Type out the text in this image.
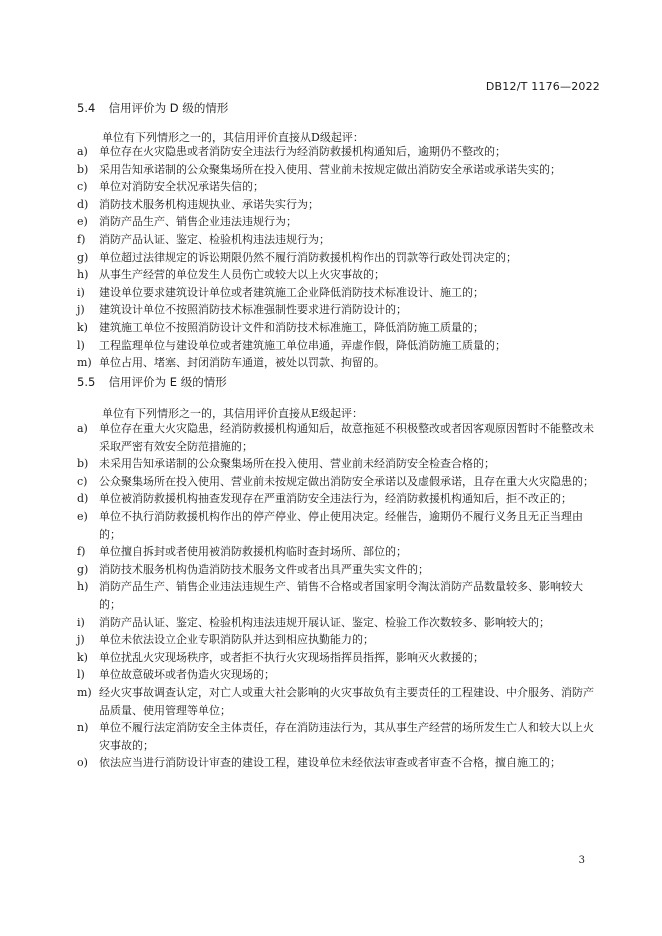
DB12/T 1176—2022
5.4 信用评价为 D 级的情形
单位有下列情形之一的，其信用评价直接从D级起评：
a)	单位存在火灾隐患或者消防安全违法行为经消防救援机构通知后，逾期仍不整改的；
b) 采用告知承诺制的公众聚集场所在投入使用、营业前未按规定做出消防安全承诺或承诺失实的；
c)	单位对消防安全状况承诺失信的；
d) 消防技术服务机构违规执业、承诺失实行为；
e)	消防产品生产、销售企业违法违规行为；
f)	消防产品认证、鉴定、检验机构违法违规行为；
g) 单位超过法律规定的诉讼期限仍然不履行消防救援机构作出的罚款等行政处罚决定的；
h) 从事生产经营的单位发生人员伤亡或较大以上火灾事故的；
i)	建设单位要求建筑设计单位或者建筑施工企业降低消防技术标准设计、施工的；
j)	建筑设计单位不按照消防技术标准强制性要求进行消防设计的；
k)	建筑施工单位不按照消防设计文件和消防技术标准施工，降低消防施工质量的；
l)	工程监理单位与建设单位或者建筑施工单位串通，弄虚作假，降低消防施工质量的；
m) 单位占用、堵塞、封闭消防车通道，被处以罚款、拘留的。
5.5 信用评价为 E 级的情形
单位有下列情形之一的，其信用评价直接从E级起评：
a)	单位存在重大火灾隐患，经消防救援机构通知后，故意拖延不积极整改或者因客观原因暂时不能整改未采取严密有效安全防范措施的；
b) 未采用告知承诺制的公众聚集场所在投入使用、营业前未经消防安全检查合格的；
c)	公众聚集场所在投入使用、营业前未按规定做出消防安全承诺以及虚假承诺，且存在重大火灾隐患的；
d) 单位被消防救援机构抽查发现存在严重消防安全违法行为，经消防救援机构通知后，拒不改正的；
e)	单位不执行消防救援机构作出的停产停业、停止使用决定。经催告，逾期仍不履行义务且无正当理由的；
f)	单位擅自拆封或者使用被消防救援机构临时查封场所、部位的；
g) 消防技术服务机构伪造消防技术服务文件或者出具严重失实文件的；
h) 消防产品生产、销售企业违法违规生产、销售不合格或者国家明令淘汰消防产品数量较多、影响较大的；
i)	消防产品认证、鉴定、检验机构违法违规开展认证、鉴定、检验工作次数较多、影响较大的；
j)	单位未依法设立企业专职消防队并达到相应执勤能力的；
k)	单位扰乱火灾现场秩序，或者拒不执行火灾现场指挥员指挥，影响灭火救援的；
l)	单位故意破坏或者伪造火灾现场的；
m) 经火灾事故调查认定，对亡人或重大社会影响的火灾事故负有主要责任的工程建设、中介服务、消防产品质量、使用管理等单位；
n) 单位不履行法定消防安全主体责任，存在消防违法行为，其从事生产经营的场所发生亡人和较大以上火灾事故的；
o)	依法应当进行消防设计审查的建设工程，建设单位未经依法审查或者审查不合格，擅自施工的；
3
